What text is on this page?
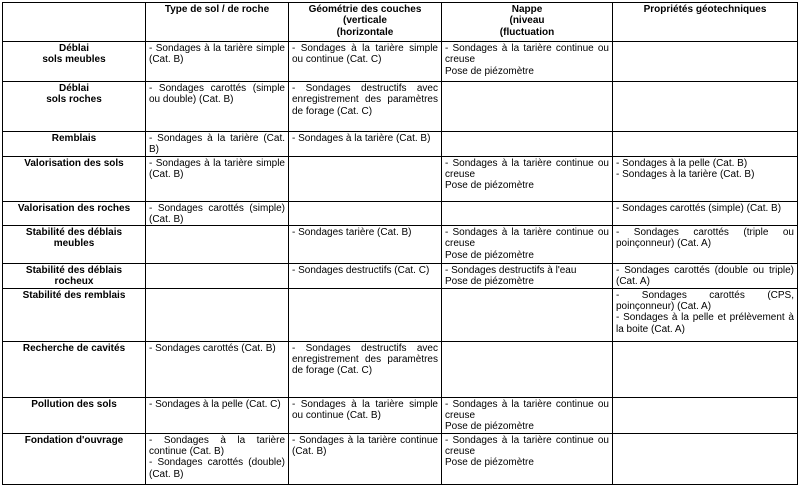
	Type de sol / de roche	Géométrie des couches
(verticale
(horizontale	Nappe
(niveau
(fluctuation	Propriétés géotechniques

Déblai
sols meubles	- Sondages à la tarière simple (Cat. B)	- Sondages à la tarière simple ou continue (Cat. C)	- Sondages à la tarière continue ou creuse
Pose de piézomètre	

Déblai
sols roches	- Sondages carottés (simple ou double) (Cat. B)	- Sondages destructifs avec enregistrement des paramètres de forage (Cat. C)		

Remblais	- Sondages à la tarière (Cat. B)	- Sondages à la tarière (Cat. B)		

Valorisation des sols	- Sondages à la tarière simple (Cat. B)		- Sondages à la tarière continue ou creuse
Pose de piézomètre	- Sondages à la pelle (Cat. B)
- Sondages à la tarière (Cat. B)

Valorisation des roches	- Sondages carottés (simple) (Cat. B)			- Sondages carottés (simple) (Cat. B)

Stabilité des déblais
meubles		- Sondages tarière (Cat. B)	- Sondages à la tarière continue ou creuse
Pose de piézomètre	- Sondages carottés (triple ou poinçonneur) (Cat. A)

Stabilité des déblais
rocheux		- Sondages destructifs (Cat. C)	- Sondages destructifs à l'eau
Pose de piézomètre	- Sondages carottés (double ou triple) (Cat. A)

Stabilité des remblais				- Sondages carottés (CPS, poinçonneur) (Cat. A)
- Sondages à la pelle et prélèvement à la boite (Cat. A)

Recherche de cavités	- Sondages carottés (Cat. B)	- Sondages destructifs avec enregistrement des paramètres de forage (Cat. C)		

Pollution des sols	- Sondages à la pelle (Cat. C)	- Sondages à la tarière simple ou continue (Cat. B)	- Sondages à la tarière continue ou creuse
Pose de piézomètre	

Fondation d'ouvrage	- Sondages à la tarière continue (Cat. B)
- Sondages carottés (double) (Cat. B)	- Sondages à la tarière continue (Cat. B)	- Sondages à la tarière continue ou creuse
Pose de piézomètre	
